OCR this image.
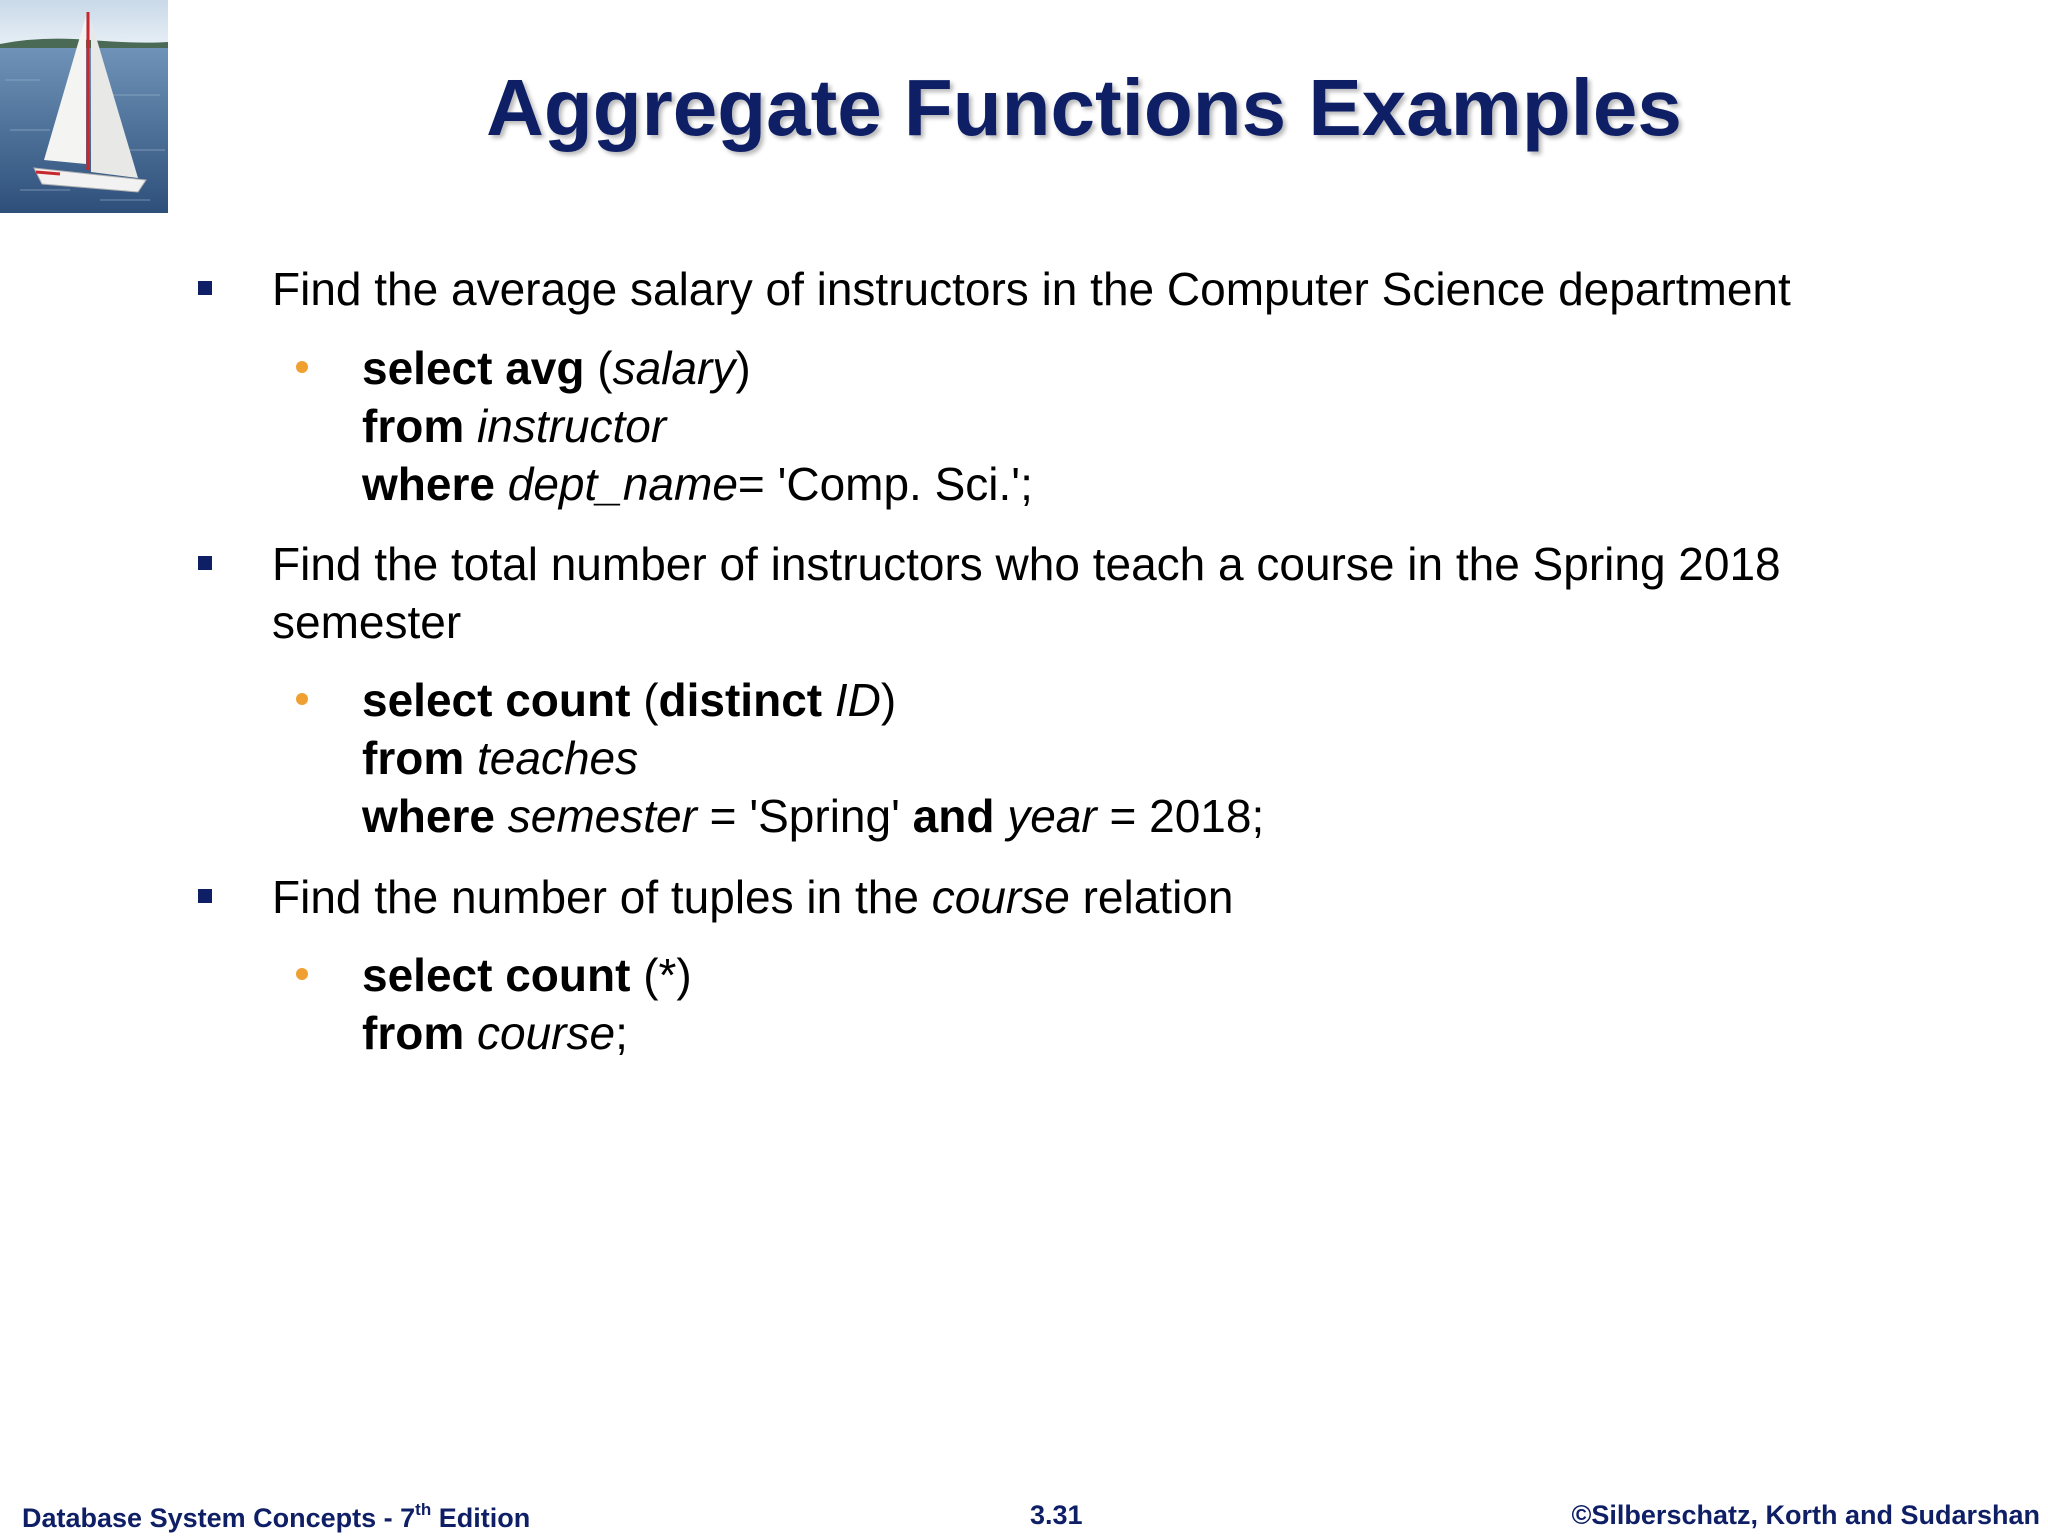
Aggregate Functions Examples
Find the average salary of instructors in the Computer Science department
select avg (salary)
from instructor
where dept_name= 'Comp. Sci.';
Find the total number of instructors who teach a course in the Spring 2018 semester
select count (distinct ID)
from teaches
where semester = 'Spring' and year = 2018;
Find the number of tuples in the course relation
select count (*)
from course;
Database System Concepts - 7th Edition	3.31	©Silberschatz, Korth and Sudarshan
